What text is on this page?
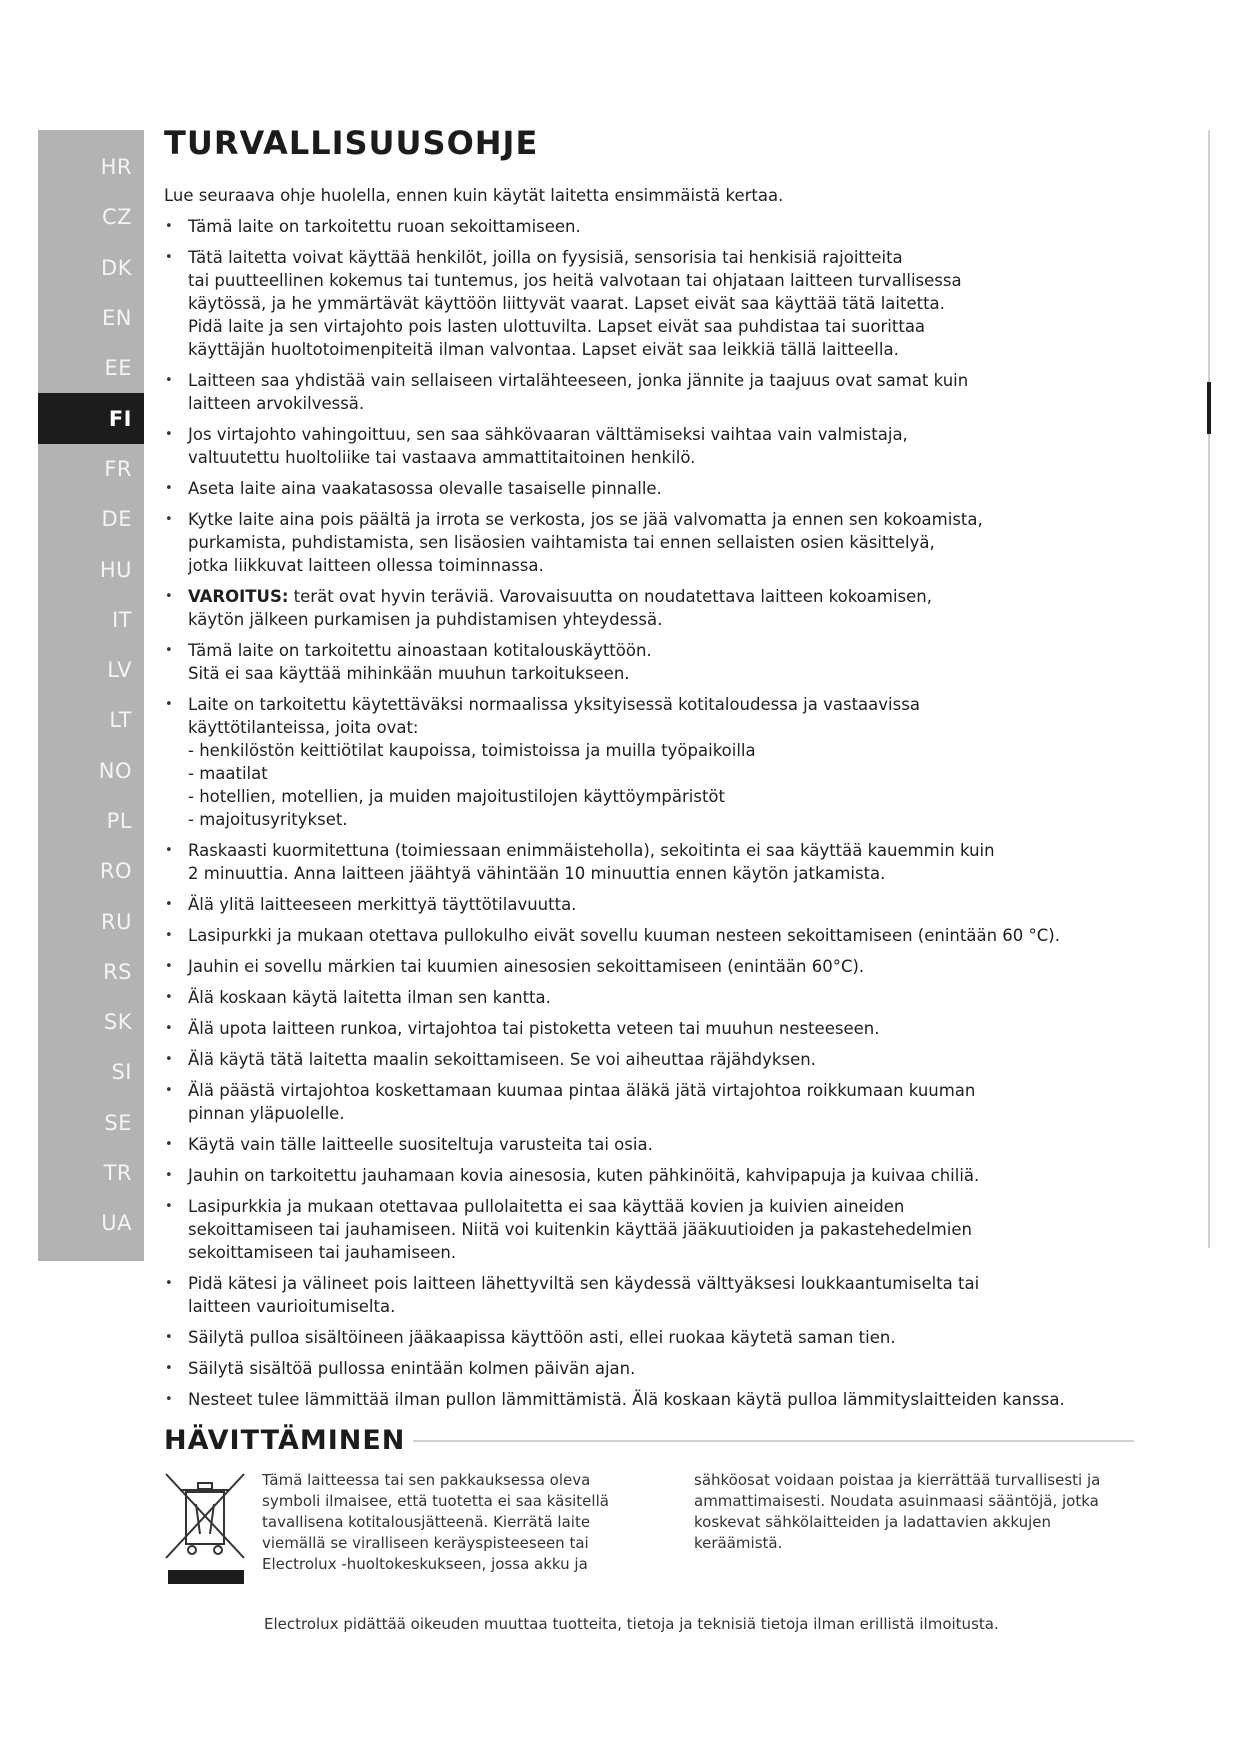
HR
CZ
DK
EN
EE
FI
FR
DE
HU
IT
LV
LT
NO
PL
RO
RU
RS
SK
SI
SE
TR
UA
TURVALLISUUSOHJE

Lue seuraava ohje huolella, ennen kuin käytät laitetta ensimmäistä kertaa.

• Tämä laite on tarkoitettu ruoan sekoittamiseen.
• Tätä laitetta voivat käyttää henkilöt, joilla on fyysisiä, sensorisia tai henkisiä rajoitteita
tai puutteellinen kokemus tai tuntemus, jos heitä valvotaan tai ohjataan laitteen turvallisessa
käytössä, ja he ymmärtävät käyttöön liittyvät vaarat. Lapset eivät saa käyttää tätä laitetta.
Pidä laite ja sen virtajohto pois lasten ulottuvilta. Lapset eivät saa puhdistaa tai suorittaa
käyttäjän huoltotoimenpiteitä ilman valvontaa. Lapset eivät saa leikkiä tällä laitteella.
• Laitteen saa yhdistää vain sellaiseen virtalähteeseen, jonka jännite ja taajuus ovat samat kuin
laitteen arvokilvessä.
• Jos virtajohto vahingoittuu, sen saa sähkövaaran välttämiseksi vaihtaa vain valmistaja,
valtuutettu huoltoliike tai vastaava ammattitaitoinen henkilö.
• Aseta laite aina vaakatasossa olevalle tasaiselle pinnalle.
• Kytke laite aina pois päältä ja irrota se verkosta, jos se jää valvomatta ja ennen sen kokoamista,
purkamista, puhdistamista, sen lisäosien vaihtamista tai ennen sellaisten osien käsittelyä,
jotka liikkuvat laitteen ollessa toiminnassa.
• VAROITUS: terät ovat hyvin teräviä. Varovaisuutta on noudatettava laitteen kokoamisen,
käytön jälkeen purkamisen ja puhdistamisen yhteydessä.
• Tämä laite on tarkoitettu ainoastaan kotitalouskäyttöön.
Sitä ei saa käyttää mihinkään muuhun tarkoitukseen.
• Laite on tarkoitettu käytettäväksi normaalissa yksityisessä kotitaloudessa ja vastaavissa
käyttötilanteissa, joita ovat:
- henkilöstön keittiötilat kaupoissa, toimistoissa ja muilla työpaikoilla
- maatilat
- hotellien, motellien, ja muiden majoitustilojen käyttöympäristöt
- majoitusyritykset.
• Raskaasti kuormitettuna (toimiessaan enimmäisteholla), sekoitinta ei saa käyttää kauemmin kuin
2 minuuttia. Anna laitteen jäähtyä vähintään 10 minuuttia ennen käytön jatkamista.
• Älä ylitä laitteeseen merkittyä täyttötilavuutta.
• Lasipurkki ja mukaan otettava pullokulho eivät sovellu kuuman nesteen sekoittamiseen (enintään 60 °C).
• Jauhin ei sovellu märkien tai kuumien ainesosien sekoittamiseen (enintään 60°C).
• Älä koskaan käytä laitetta ilman sen kantta.
• Älä upota laitteen runkoa, virtajohtoa tai pistoketta veteen tai muuhun nesteeseen.
• Älä käytä tätä laitetta maalin sekoittamiseen. Se voi aiheuttaa räjähdyksen.
• Älä päästä virtajohtoa koskettamaan kuumaa pintaa äläkä jätä virtajohtoa roikkumaan kuuman
pinnan yläpuolelle.
• Käytä vain tälle laitteelle suositeltuja varusteita tai osia.
• Jauhin on tarkoitettu jauhamaan kovia ainesosia, kuten pähkinöitä, kahvipapuja ja kuivaa chiliä.
• Lasipurkkia ja mukaan otettavaa pullolaitetta ei saa käyttää kovien ja kuivien aineiden
sekoittamiseen tai jauhamiseen. Niitä voi kuitenkin käyttää jääkuutioiden ja pakastehedelmien
sekoittamiseen tai jauhamiseen.
• Pidä kätesi ja välineet pois laitteen lähettyviltä sen käydessä välttyäksesi loukkaantumiselta tai
laitteen vaurioitumiselta.
• Säilytä pulloa sisältöineen jääkaapissa käyttöön asti, ellei ruokaa käytetä saman tien.
• Säilytä sisältöä pullossa enintään kolmen päivän ajan.
• Nesteet tulee lämmittää ilman pullon lämmittämistä. Älä koskaan käytä pulloa lämmityslaitteiden kanssa.
HÄVITTÄMINEN
Tämä laitteessa tai sen pakkauksessa oleva symboli ilmaisee, että tuotetta ei saa käsitellä tavallisena kotitalousjätteenä. Kierrätä laite viemällä se viralliseen keräyspisteeseen tai Electrolux -huoltokeskukseen, jossa akku ja
sähköosat voidaan poistaa ja kierrättää turvallisesti ja ammattimaisesti. Noudata asuinmaasi sääntöjä, jotka koskevat sähkölaitteiden ja ladattavien akkujen keräämistä.

Electrolux pidättää oikeuden muuttaa tuotteita, tietoja ja teknisiä tietoja ilman erillistä ilmoitusta.
